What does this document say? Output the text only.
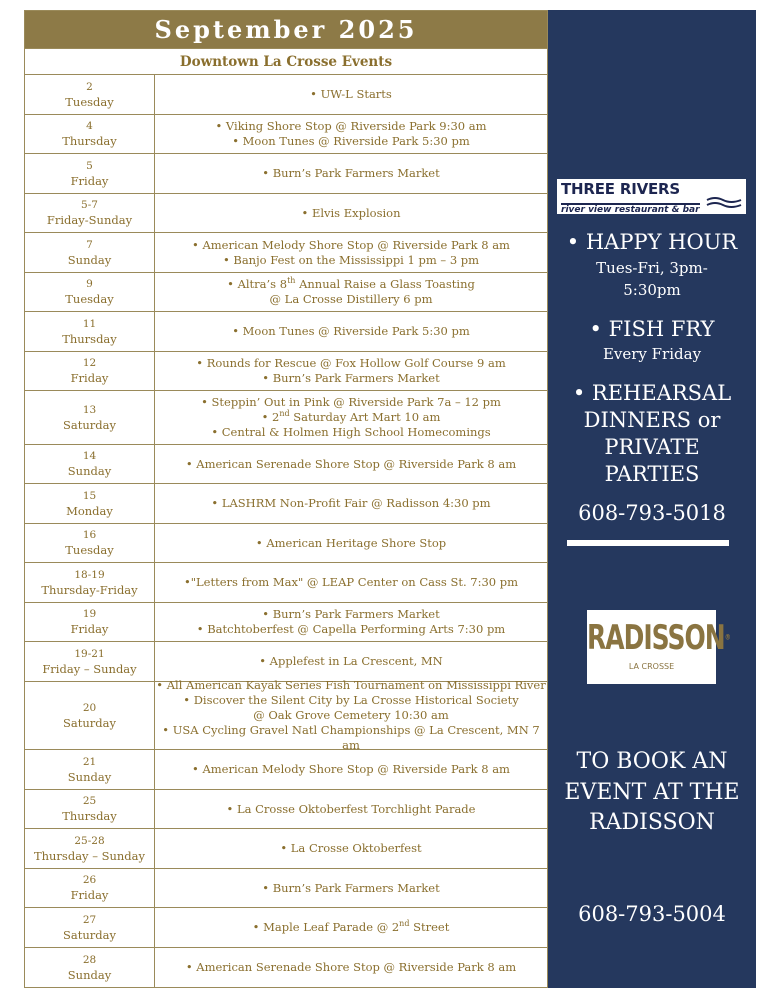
September 2025
Downtown La Crosse Events
2
Tuesday
• UW-L Starts
4
Thursday
• Viking Shore Stop @ Riverside Park 9:30 am
• Moon Tunes @ Riverside Park 5:30 pm
5
Friday
• Burn’s Park Farmers Market
5-7
Friday-Sunday
• Elvis Explosion
7
Sunday
• American Melody Shore Stop @ Riverside Park 8 am
• Banjo Fest on the Mississippi 1 pm – 3 pm
9
Tuesday
• Altra’s 8th Annual Raise a Glass Toasting
@ La Crosse Distillery 6 pm
11
Thursday
• Moon Tunes @ Riverside Park 5:30 pm
12
Friday
• Rounds for Rescue @ Fox Hollow Golf Course 9 am
• Burn’s Park Farmers Market
13
Saturday
• Steppin’ Out in Pink @ Riverside Park 7a – 12 pm
• 2nd Saturday Art Mart 10 am
• Central & Holmen High School Homecomings
14
Sunday
• American Serenade Shore Stop @ Riverside Park 8 am
15
Monday
• LASHRM Non-Profit Fair @ Radisson 4:30 pm
16
Tuesday
• American Heritage Shore Stop
18-19
Thursday-Friday
•"Letters from Max" @ LEAP Center on Cass St. 7:30 pm
19
Friday
• Burn’s Park Farmers Market
• Batchtoberfest @ Capella Performing Arts 7:30 pm
19-21
Friday – Sunday
• Applefest in La Crescent, MN
20
Saturday
• All American Kayak Series Fish Tournament on Mississippi River
• Discover the Silent City by La Crosse Historical Society
@ Oak Grove Cemetery 10:30 am
• USA Cycling Gravel Natl Championships @ La Crescent, MN 7 am
21
Sunday
• American Melody Shore Stop @ Riverside Park 8 am
25
Thursday
• La Crosse Oktoberfest Torchlight Parade
25-28
Thursday – Sunday
• La Crosse Oktoberfest
26
Friday
• Burn’s Park Farmers Market
27
Saturday
• Maple Leaf Parade @ 2nd Street
28
Sunday
• American Serenade Shore Stop @ Riverside Park 8 am
THREE RIVERS
river view restaurant & bar
• HAPPY HOUR
Tues-Fri, 3pm-5:30pm
• FISH FRY
Every Friday
• REHEARSAL DINNERS or PRIVATE PARTIES
608-793-5018
RADISSON®
LA CROSSE
TO BOOK AN EVENT AT THE RADISSON
608-793-5004
